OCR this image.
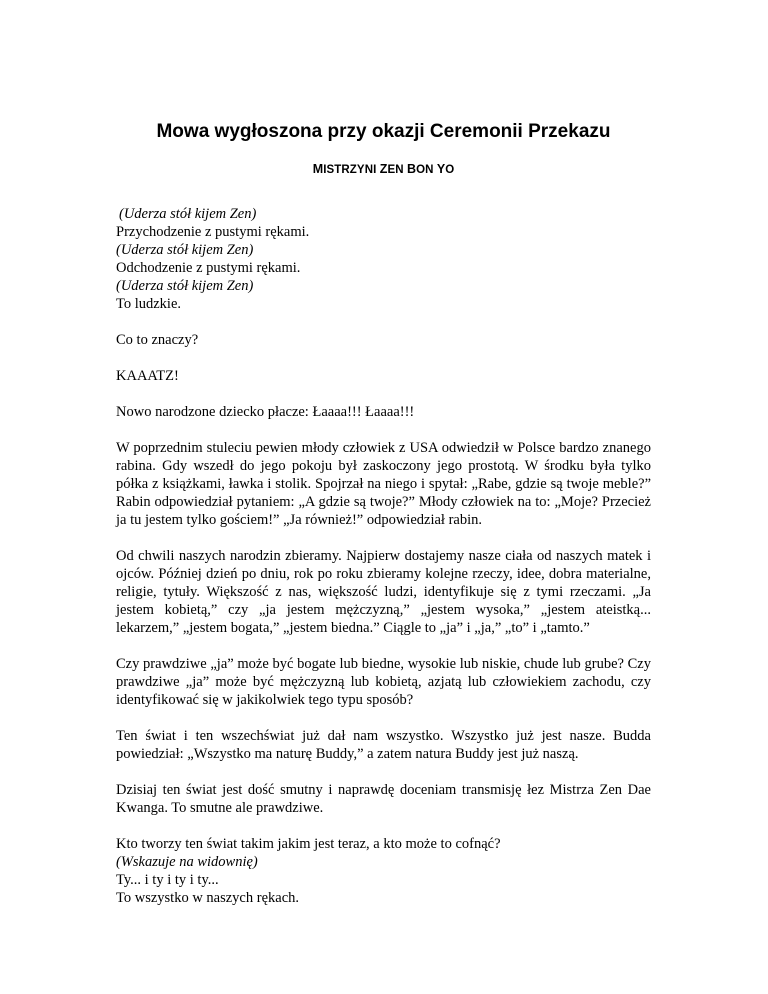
Mowa wygłoszona przy okazji Ceremonii Przekazu

MISTRZYNI ZEN BON YO

(Uderza stół kijem Zen)
Przychodzenie z pustymi rękami.
(Uderza stół kijem Zen)
Odchodzenie z pustymi rękami.
(Uderza stół kijem Zen)
To ludzkie.

Co to znaczy?

KAAATZ!

Nowo narodzone dziecko płacze: Łaaaa!!! Łaaaa!!!

W poprzednim stuleciu pewien młody człowiek z USA odwiedził w Polsce bardzo znanego rabina. Gdy wszedł do jego pokoju był zaskoczony jego prostotą. W środku była tylko półka z książkami, ławka i stolik. Spojrzał na niego i spytał: „Rabe, gdzie są twoje meble?” Rabin odpowiedział pytaniem: „A gdzie są twoje?” Młody człowiek na to: „Moje? Przecież ja tu jestem tylko gościem!” „Ja również!” odpowiedział rabin.

Od chwili naszych narodzin zbieramy. Najpierw dostajemy nasze ciała od naszych matek i ojców. Później dzień po dniu, rok po roku zbieramy kolejne rzeczy, idee, dobra materialne, religie, tytuły. Większość z nas, większość ludzi, identyfikuje się z tymi rzeczami. „Ja jestem kobietą,” czy „ja jestem mężczyzną,” „jestem wysoka,” „jestem ateistką... lekarzem,” „jestem bogata,” „jestem biedna.” Ciągle to „ja” i „ja,” „to” i „tamto.”

Czy prawdziwe „ja” może być bogate lub biedne, wysokie lub niskie, chude lub grube? Czy prawdziwe „ja” może być mężczyzną lub kobietą, azjatą lub człowiekiem zachodu, czy identyfikować się w jakikolwiek tego typu sposób?

Ten świat i ten wszechświat już dał nam wszystko. Wszystko już jest nasze. Budda powiedział: „Wszystko ma naturę Buddy,” a zatem natura Buddy jest już naszą.

Dzisiaj ten świat jest dość smutny i naprawdę doceniam transmisję łez Mistrza Zen Dae Kwanga. To smutne ale prawdziwe.

Kto tworzy ten świat takim jakim jest teraz, a kto może to cofnąć?
(Wskazuje na widownię)
Ty... i ty i ty i ty...
To wszystko w naszych rękach.
